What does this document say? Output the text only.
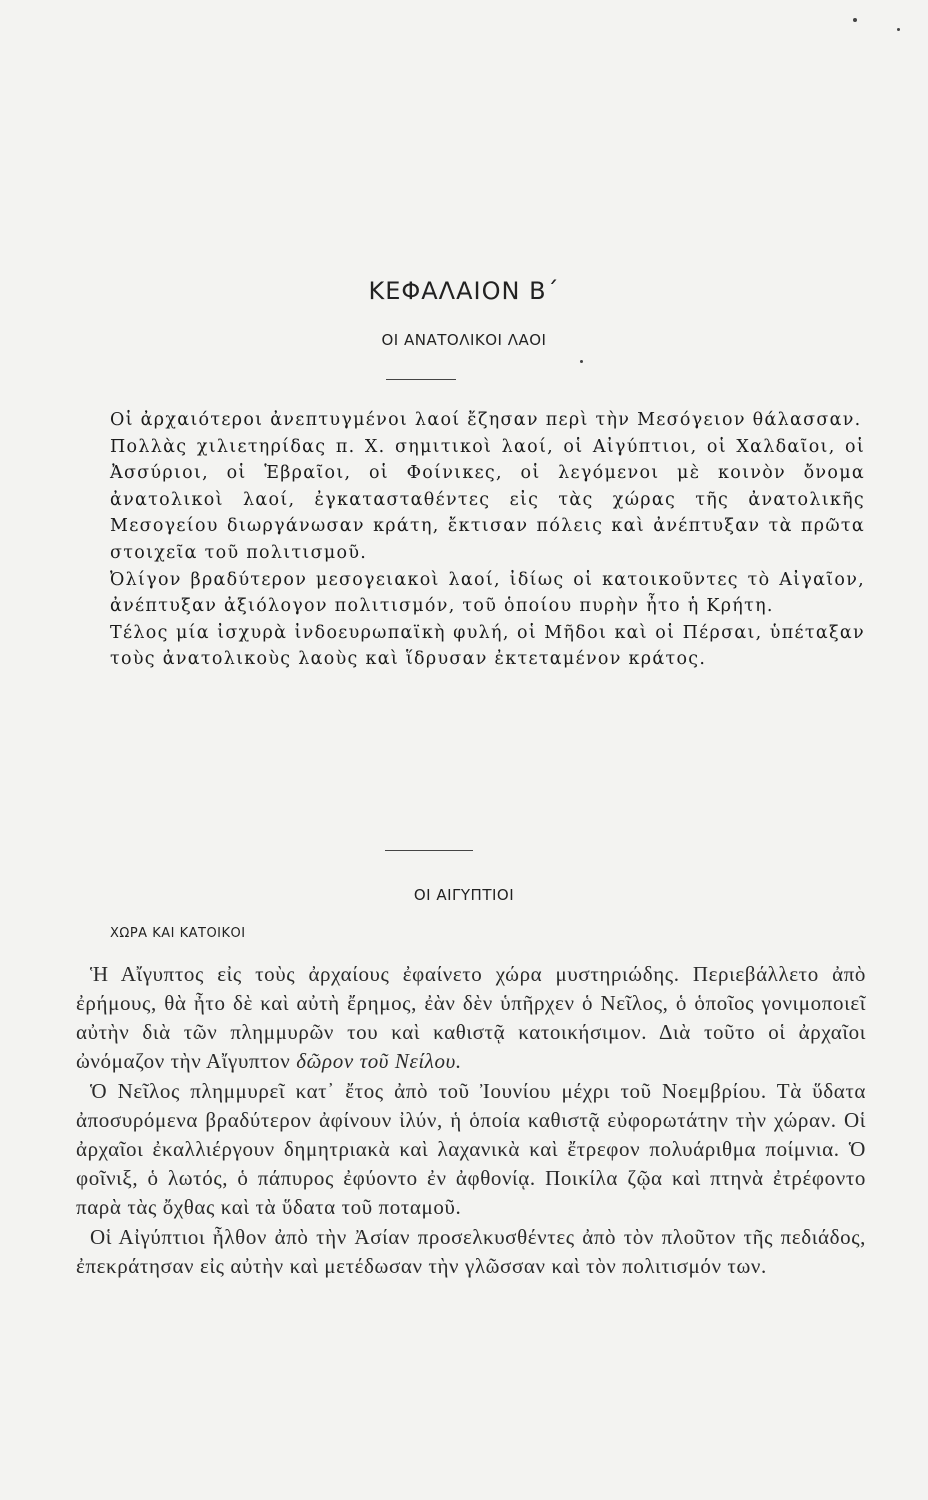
ΚΕΦΑΛΑΙΟΝ Β΄
ΟΙ ΑΝΑΤΟΛΙΚΟΙ ΛΑΟΙ

Οἱ ἀρχαιότεροι ἀνεπτυγμένοι λαοί ἔζησαν περὶ τὴν Μεσόγειον θάλασσαν.

Πολλὰς χιλιετηρίδας π. Χ. σημιτικοὶ λαοί, οἱ Αἰγύπτιοι, οἱ Χαλδαῖοι, οἱ Ἀσσύριοι, οἱ Ἑβραῖοι, οἱ Φοίνικες, οἱ λεγόμενοι μὲ κοινὸν ὄνομα ἀνατολικοὶ λαοί, ἐγκατασταθέντες εἰς τὰς χώρας τῆς ἀνατολικῆς Μεσογείου διωργάνωσαν κράτη, ἔκτισαν πόλεις καὶ ἀνέπτυξαν τὰ πρῶτα στοιχεῖα τοῦ πολιτισμοῦ.

Ὀλίγον βραδύτερον μεσογειακοὶ λαοί, ἰδίως οἱ κατοικοῦντες τὸ Αἰγαῖον, ἀνέπτυξαν ἀξιόλογον πολιτισμόν, τοῦ ὁποίου πυρὴν ἦτο ἡ Κρήτη.

Τέλος μία ἰσχυρὰ ἰνδοευρωπαϊκὴ φυλή, οἱ Μῆδοι καὶ οἱ Πέρσαι, ὑπέταξαν τοὺς ἀνατολικοὺς λαοὺς καὶ ἵδρυσαν ἐκτεταμένον κράτος.

ΟΙ ΑΙΓΥΠΤΙΟΙ
ΧΩΡΑ ΚΑΙ ΚΑΤΟΙΚΟΙ

Ἡ Αἴγυπτος εἰς τοὺς ἀρχαίους ἐφαίνετο χώρα μυστηριώδης. Περιεβάλλετο ἀπὸ ἐρήμους, θὰ ἦτο δὲ καὶ αὐτὴ ἔρημος, ἐὰν δὲν ὑπῆρχεν ὁ Νεῖλος, ὁ ὁποῖος γονιμοποιεῖ αὐτὴν διὰ τῶν πλημμυρῶν του καὶ καθιστᾷ κατοικήσιμον. Διὰ τοῦτο οἱ ἀρχαῖοι ὠνόμαζον τὴν Αἴγυπτον δῶρον τοῦ Νείλου.

Ὁ Νεῖλος πλημμυρεῖ κατ᾽ ἔτος ἀπὸ τοῦ Ἰουνίου μέχρι τοῦ Νοεμβρίου. Τὰ ὕδατα ἀποσυρόμενα βραδύτερον ἀφίνουν ἰλύν, ἡ ὁποία καθιστᾷ εὐφορωτάτην τὴν χώραν. Οἱ ἀρχαῖοι ἐκαλλιέργουν δημητριακὰ καὶ λαχανικὰ καὶ ἔτρεφον πολυάριθμα ποίμνια. Ὁ φοῖνιξ, ὁ λωτός, ὁ πάπυρος ἐφύοντο ἐν ἀφθονίᾳ. Ποικίλα ζῷα καὶ πτηνὰ ἐτρέφοντο παρὰ τὰς ὄχθας καὶ τὰ ὕδατα τοῦ ποταμοῦ.

Οἱ Αἰγύπτιοι ἦλθον ἀπὸ τὴν Ἀσίαν προσελκυσθέντες ἀπὸ τὸν πλοῦτον τῆς πεδιάδος, ἐπεκράτησαν εἰς αὐτὴν καὶ μετέδωσαν τὴν γλῶσσαν καὶ τὸν πολιτισμόν των.
